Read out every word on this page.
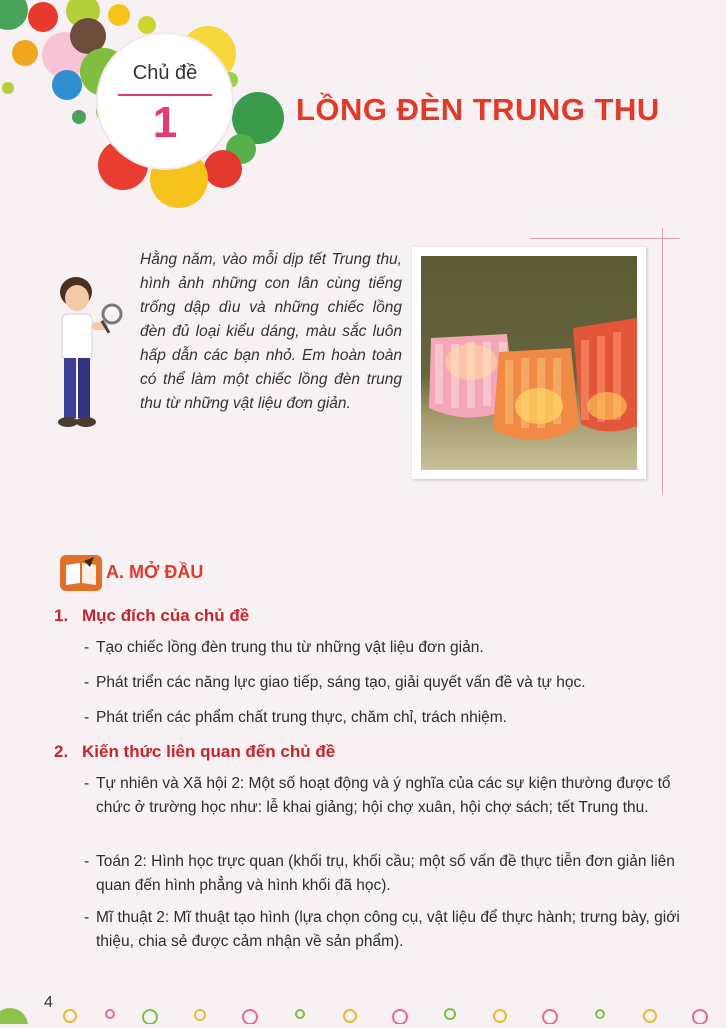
Chủ đề
1	LỒNG ĐÈN TRUNG THU
Hằng năm, vào mỗi dịp tết Trung thu, hình ảnh những con lân cùng tiếng trống dập dìu và những chiếc lồng đèn đủ loại kiểu dáng, màu sắc luôn hấp dẫn các bạn nhỏ. Em hoàn toàn có thể làm một chiếc lồng đèn trung thu từ những vật liệu đơn giản.
A. MỞ ĐẦU
1. Mục đích của chủ đề
- Tạo chiếc lồng đèn trung thu từ những vật liệu đơn giản.
- Phát triển các năng lực giao tiếp, sáng tạo, giải quyết vấn đề và tự học.
- Phát triển các phẩm chất trung thực, chăm chỉ, trách nhiệm.
2. Kiến thức liên quan đến chủ đề
- Tự nhiên và Xã hội 2: Một số hoạt động và ý nghĩa của các sự kiện thường được tổ chức ở trường học như: lễ khai giảng; hội chợ xuân, hội chợ sách; tết Trung thu.
- Toán 2: Hình học trực quan (khối trụ, khối cầu; một số vấn đề thực tiễn đơn giản liên quan đến hình phẳng và hình khối đã học).
- Mĩ thuật 2: Mĩ thuật tạo hình (lựa chọn công cụ, vật liệu để thực hành; trưng bày, giới thiệu, chia sẻ được cảm nhận về sản phẩm).
4
